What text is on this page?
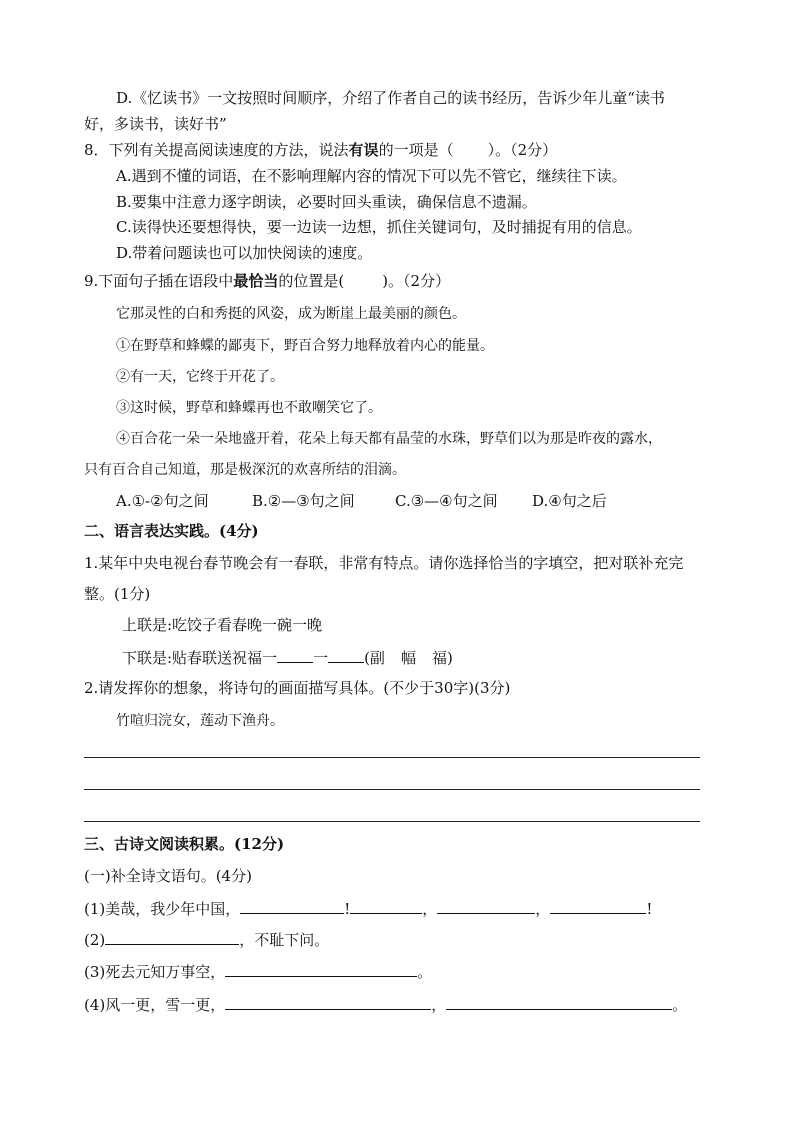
D.《忆读书》一文按照时间顺序，介绍了作者自己的读书经历，告诉少年儿童“读书
好，多读书，读好书”
8．下列有关提高阅读速度的方法，说法有误的一项是（ ）。（2分）
A.遇到不懂的词语，在不影响理解内容的情况下可以先不管它，继续往下读。
B.要集中注意力逐字朗读，必要时回头重读，确保信息不遗漏。
C.读得快还要想得快，要一边读一边想，抓住关键词句，及时捕捉有用的信息。
D.带着问题读也可以加快阅读的速度。
9.下面句子插在语段中最恰当的位置是(	)。（2分）
它那灵性的白和秀挺的风姿，成为断崖上最美丽的颜色。
①在野草和蜂蝶的鄙夷下，野百合努力地释放着内心的能量。
②有一天，它终于开花了。
③这时候，野草和蜂蝶再也不敢嘲笑它了。
④百合花一朵一朵地盛开着，花朵上每天都有晶莹的水珠，野草们以为那是昨夜的露水，
只有百合自己知道，那是极深沉的欢喜所结的泪滴。
A.①-②句之间	B.②—③句之间	C.③—④句之间 D.④句之后
二、语言表达实践。(4分)
1.某年中央电视台春节晚会有一春联，非常有特点。请你选择恰当的字填空，把对联补充完
整。(1分)
上联是:吃饺子看春晚一碗一晚
下联是:贴春联送祝福一 一 (副 幅 福)
2.请发挥你的想象，将诗句的画面描写具体。(不少于30字)(3分)
竹喧归浣女，莲动下渔舟。
三、古诗文阅读积累。(12分)
(一)补全诗文语句。(4分)
(1)美哉，我少年中国，	!	，	，	!
(2)	，不耻下问。
(3)死去元知万事空，	。
(4)风一更，雪一更，	，	。
